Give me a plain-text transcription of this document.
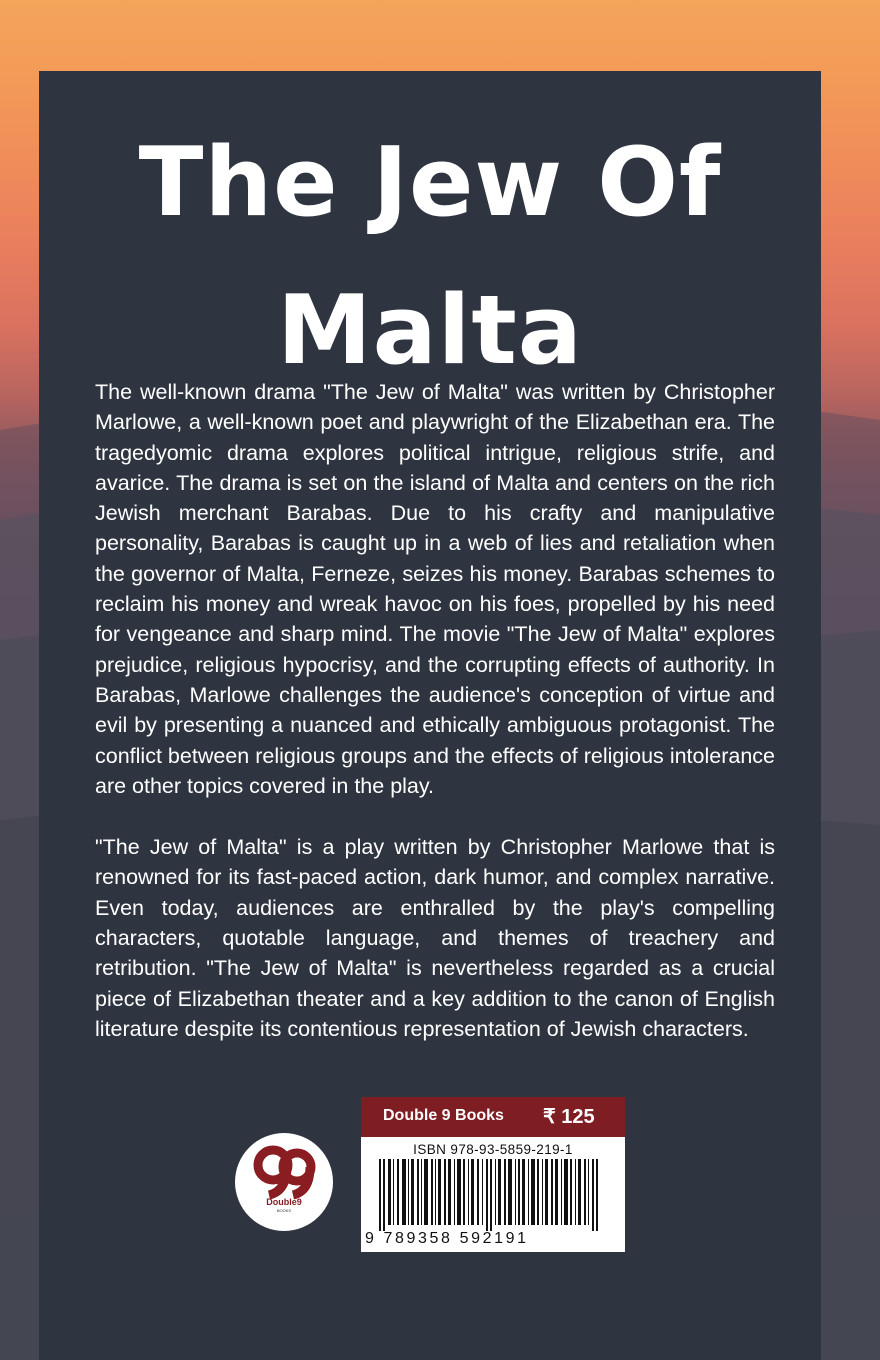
The Jew Of Malta

The well-known drama "The Jew of Malta" was written by Christopher Marlowe, a well-known poet and playwright of the Elizabethan era. The tragedyomic drama explores political intrigue, religious strife, and avarice. The drama is set on the island of Malta and centers on the rich Jewish merchant Barabas. Due to his crafty and manipulative personality, Barabas is caught up in a web of lies and retaliation when the governor of Malta, Ferneze, seizes his money. Barabas schemes to reclaim his money and wreak havoc on his foes, propelled by his need for vengeance and sharp mind. The movie "The Jew of Malta" explores prejudice, religious hypocrisy, and the corrupting effects of authority. In Barabas, Marlowe challenges the audience's conception of virtue and evil by presenting a nuanced and ethically ambiguous protagonist. The conflict between religious groups and the effects of religious intolerance are other topics covered in the play.

"The Jew of Malta" is a play written by Christopher Marlowe that is renowned for its fast-paced action, dark humor, and complex narrative. Even today, audiences are enthralled by the play's compelling characters, quotable language, and themes of treachery and retribution. "The Jew of Malta" is nevertheless regarded as a crucial piece of Elizabethan theater and a key addition to the canon of English literature despite its contentious representation of Jewish characters.

Double9
BOOKS
Double 9 Books ₹ 125
ISBN 978-93-5859-219-1
9 789358 592191
